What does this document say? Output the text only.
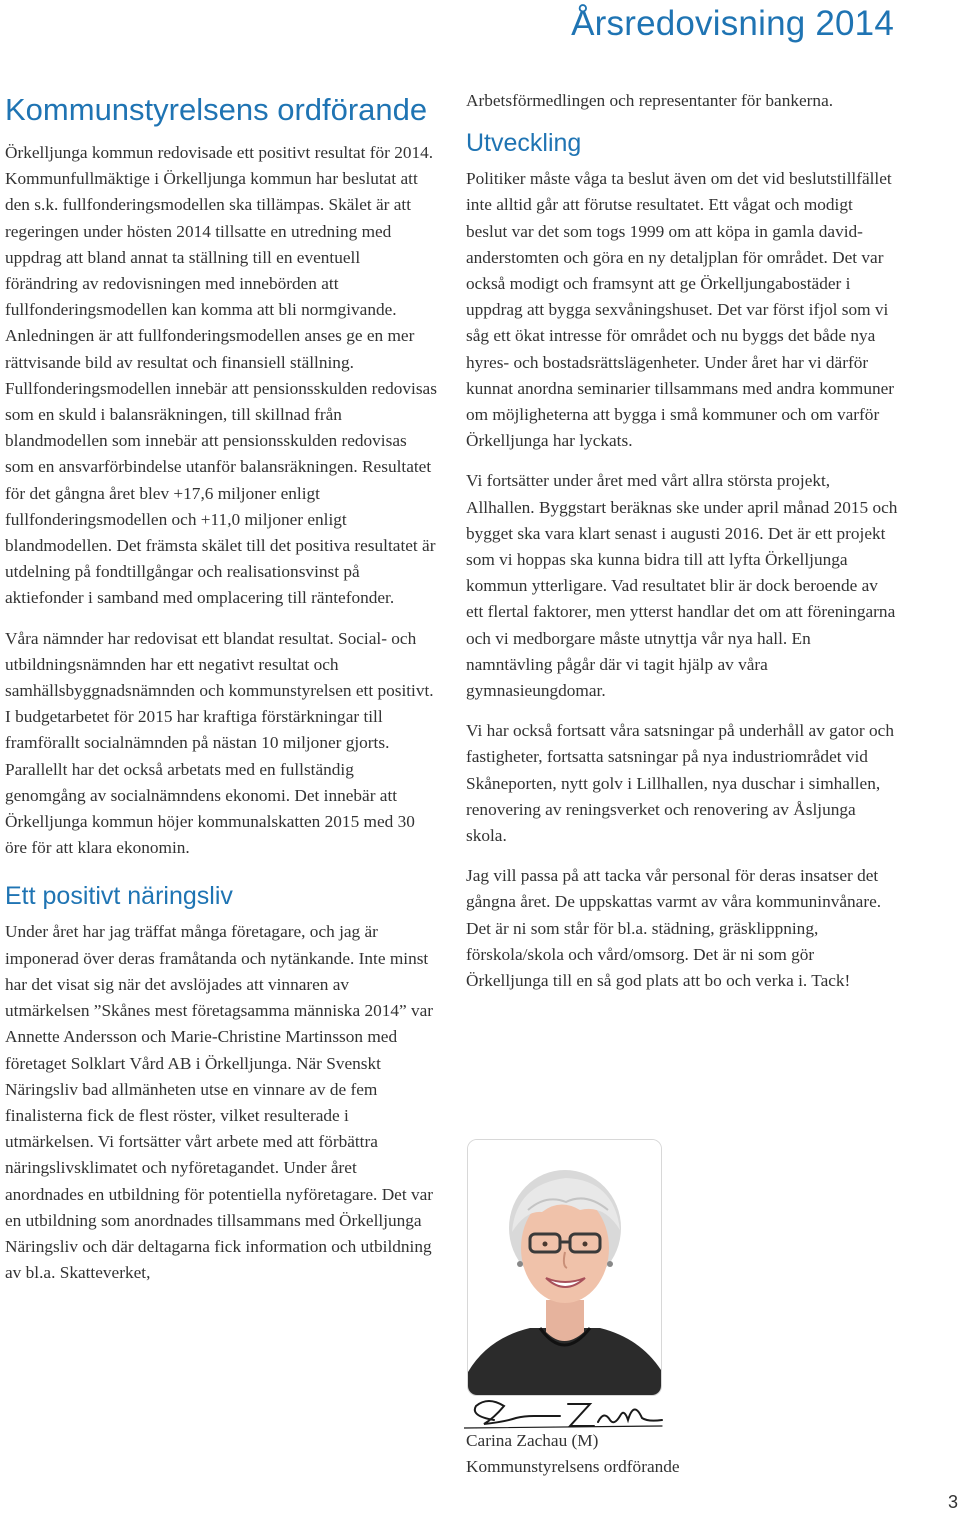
Årsredovisning 2014
Kommunstyrelsens ordförande

Örkelljunga kommun redovisade ett positivt resultat för 2014. Kommunfullmäktige i Örkelljunga kommun har beslutat att den s.k. fullfonderingsmodellen ska tillämpas. Skälet är att regeringen under hösten 2014 tillsatte en utredning med uppdrag att bland annat ta ställning till en eventuell förändring av redovisningen med innebörden att fullfonderingsmodellen kan komma att bli normgivande. Anledningen är att fullfonderingsmodellen anses ge en mer rättvisande bild av resultat och finansiell ställning. Fullfonderingsmodellen innebär att pensionsskulden redovisas som en skuld i balansräkningen, till skillnad från blandmodellen som innebär att pensionsskulden redovisas som en ansvarförbindelse utanför balansräkningen. Resultatet för det gångna året blev +17,6 miljoner enligt fullfonderingsmodellen och +11,0 miljoner enligt blandmodellen. Det främsta skälet till det positiva resultatet är utdelning på fondtillgångar och realisationsvinst på aktiefonder i samband med omplacering till räntefonder.

Våra nämnder har redovisat ett blandat resultat. Social- och utbildningsnämnden har ett negativt resultat och samhällsbyggnadsnämnden och kommunstyrelsen ett positivt. I budgetarbetet för 2015 har kraftiga förstärkningar till framförallt socialnämnden på nästan 10 miljoner gjorts. Parallellt har det också arbetats med en fullständig genomgång av socialnämndens ekonomi. Det innebär att Örkelljunga kommun höjer kommunalskatten 2015 med 30 öre för att klara ekonomin.

Ett positivt näringsliv

Under året har jag träffat många företagare, och jag är imponerad över deras framåtanda och nytänkande. Inte minst har det visat sig när det avslöjades att vinnaren av utmärkelsen ”Skånes mest företagsamma människa 2014” var Annette Andersson och Marie-Christine Martinsson med företaget Solklart Vård AB i Örkelljunga. När Svenskt Näringsliv bad allmänheten utse en vinnare av de fem finalisterna fick de flest röster, vilket resulterade i utmärkelsen. Vi fortsätter vårt arbete med att förbättra näringslivsklimatet och nyföretagandet. Under året anordnades en utbildning för potentiella nyföretagare. Det var en utbildning som anordnades tillsammans med Örkelljunga Näringsliv och där deltagarna fick information och utbildning av bl.a. Skatteverket,

Arbetsförmedlingen och representanter för bankerna.

Utveckling

Politiker måste våga ta beslut även om det vid beslutstillfället inte alltid går att förutse resultatet. Ett vågat och modigt beslut var det som togs 1999 om att köpa in gamla david-anderstomten och göra en ny detaljplan för området. Det var också modigt och framsynt att ge Örkelljungabostäder i uppdrag att bygga sexvåningshuset. Det var först ifjol som vi såg ett ökat intresse för området och nu byggs det både nya hyres- och bostadsrättslägenheter. Under året har vi därför kunnat anordna seminarier tillsammans med andra kommuner om möjligheterna att bygga i små kommuner och om varför Örkelljunga har lyckats.

Vi fortsätter under året med vårt allra största projekt, Allhallen. Byggstart beräknas ske under april månad 2015 och bygget ska vara klart senast i augusti 2016. Det är ett projekt som vi hoppas ska kunna bidra till att lyfta Örkelljunga kommun ytterligare. Vad resultatet blir är dock beroende av ett flertal faktorer, men ytterst handlar det om att föreningarna och vi medborgare måste utnyttja vår nya hall. En namntävling pågår där vi tagit hjälp av våra gymnasieungdomar.

Vi har också fortsatt våra satsningar på underhåll av gator och fastigheter, fortsatta satsningar på nya industriområdet vid Skåneporten, nytt golv i Lillhallen, nya duschar i simhallen, renovering av reningsverket och renovering av Åsljunga skola.

Jag vill passa på att tacka vår personal för deras insatser det gångna året. De uppskattas varmt av våra kommuninvånare. Det är ni som står för bl.a. städning, gräsklippning, förskola/skola och vård/omsorg. Det är ni som gör Örkelljunga till en så god plats att bo och verka i. Tack!

Carina Zachau (M)
Kommunstyrelsens ordförande
3
